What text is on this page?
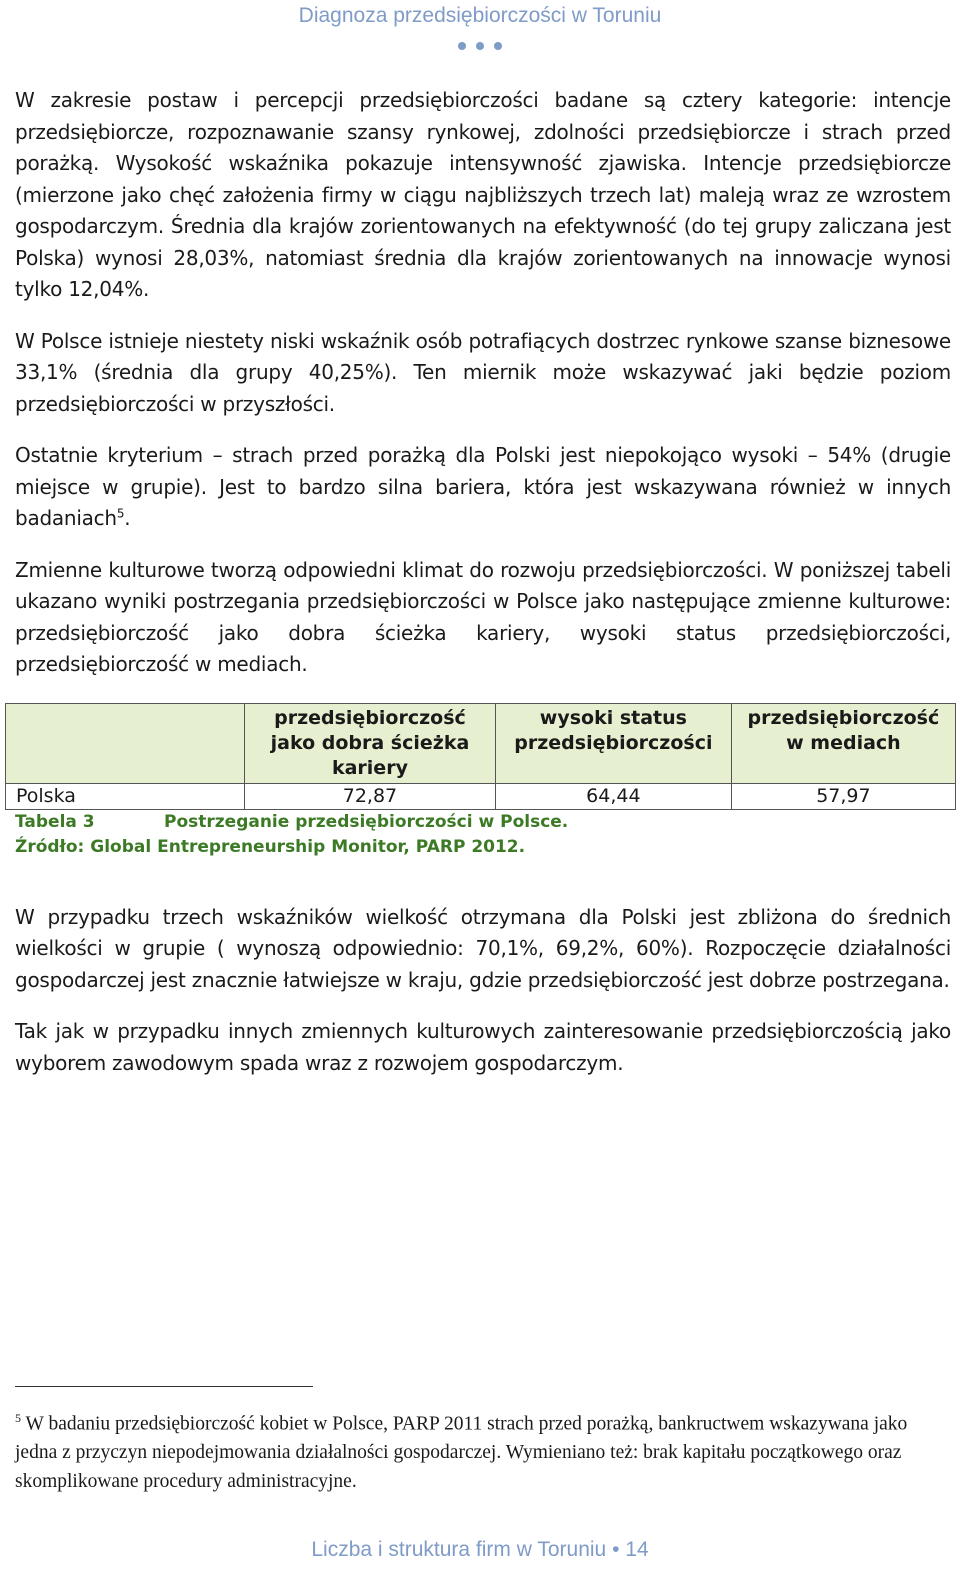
Diagnoza przedsiębiorczości w Toruniu

W zakresie postaw i percepcji przedsiębiorczości badane są cztery kategorie: intencje przedsiębiorcze, rozpoznawanie szansy rynkowej, zdolności przedsiębiorcze i strach przed porażką. Wysokość wskaźnika pokazuje intensywność zjawiska. Intencje przedsiębiorcze (mierzone jako chęć założenia firmy w ciągu najbliższych trzech lat) maleją wraz ze wzrostem gospodarczym. Średnia dla krajów zorientowanych na efektywność (do tej grupy zaliczana jest Polska) wynosi 28,03%, natomiast średnia dla krajów zorientowanych na innowacje wynosi tylko 12,04%.

W Polsce istnieje niestety niski wskaźnik osób potrafiących dostrzec rynkowe szanse biznesowe 33,1% (średnia dla grupy 40,25%). Ten miernik może wskazywać jaki będzie poziom przedsiębiorczości w przyszłości.

Ostatnie kryterium – strach przed porażką dla Polski jest niepokojąco wysoki – 54% (drugie miejsce w grupie). Jest to bardzo silna bariera, która jest wskazywana również w innych badaniach$^5$.

Zmienne kulturowe tworzą odpowiedni klimat do rozwoju przedsiębiorczości. W poniższej tabeli ukazano wyniki postrzegania przedsiębiorczości w Polsce jako następujące zmienne kulturowe: przedsiębiorczość jako dobra ścieżka kariery, wysoki status przedsiębiorczości, przedsiębiorczość w mediach.

	przedsiębiorczość jako dobra ścieżka kariery	wysoki status przedsiębiorczości	przedsiębiorczość w mediach
Polska	72,87	64,44	57,97
Tabela 3	Postrzeganie przedsiębiorczości w Polsce.
Źródło: Global Entrepreneurship Monitor, PARP 2012.

W przypadku trzech wskaźników wielkość otrzymana dla Polski jest zbliżona do średnich wielkości w grupie ( wynoszą odpowiednio: 70,1%, 69,2%, 60%). Rozpoczęcie działalności gospodarczej jest znacznie łatwiejsze w kraju, gdzie przedsiębiorczość jest dobrze postrzegana.

Tak jak w przypadku innych zmiennych kulturowych zainteresowanie przedsiębiorczością jako wyborem zawodowym spada wraz z rozwojem gospodarczym.

$^5$ W badaniu przedsiębiorczość kobiet w Polsce, PARP 2011 strach przed porażką, bankructwem wskazywana jako jedna z przyczyn niepodejmowania działalności gospodarczej. Wymieniano też: brak kapitału początkowego oraz skomplikowane procedury administracyjne.
Liczba i struktura firm w Toruniu • 14
